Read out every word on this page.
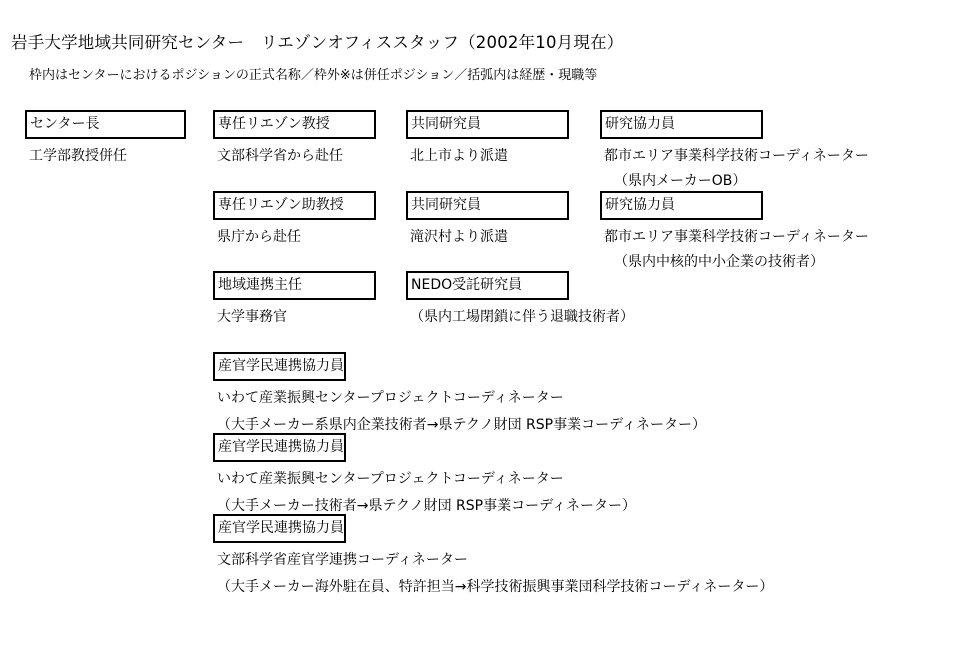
岩手大学地域共同研究センター　リエゾンオフィススタッフ（2002年10月現在）
枠内はセンターにおけるポジションの正式名称／枠外※は併任ポジション／括弧内は経歴・現職等
センター長
工学部教授併任
専任リエゾン教授
文部科学省から赴任
専任リエゾン助教授
県庁から赴任
地域連携主任
大学事務官
産官学民連携協力員
いわて産業振興センタープロジェクトコーディネーター
（大手メーカー系県内企業技術者→県テクノ財団 RSP事業コーディネーター）
産官学民連携協力員
いわて産業振興センタープロジェクトコーディネーター
（大手メーカー技術者→県テクノ財団 RSP事業コーディネーター）
産官学民連携協力員
文部科学省産官学連携コーディネーター
（大手メーカー海外駐在員、特許担当→科学技術振興事業団科学技術コーディネーター）
共同研究員
北上市より派遣
共同研究員
滝沢村より派遣
NEDO受託研究員
（県内工場閉鎖に伴う退職技術者）
研究協力員
都市エリア事業科学技術コーディネーター
（県内メーカーOB）
研究協力員
都市エリア事業科学技術コーディネーター
（県内中核的中小企業の技術者）
